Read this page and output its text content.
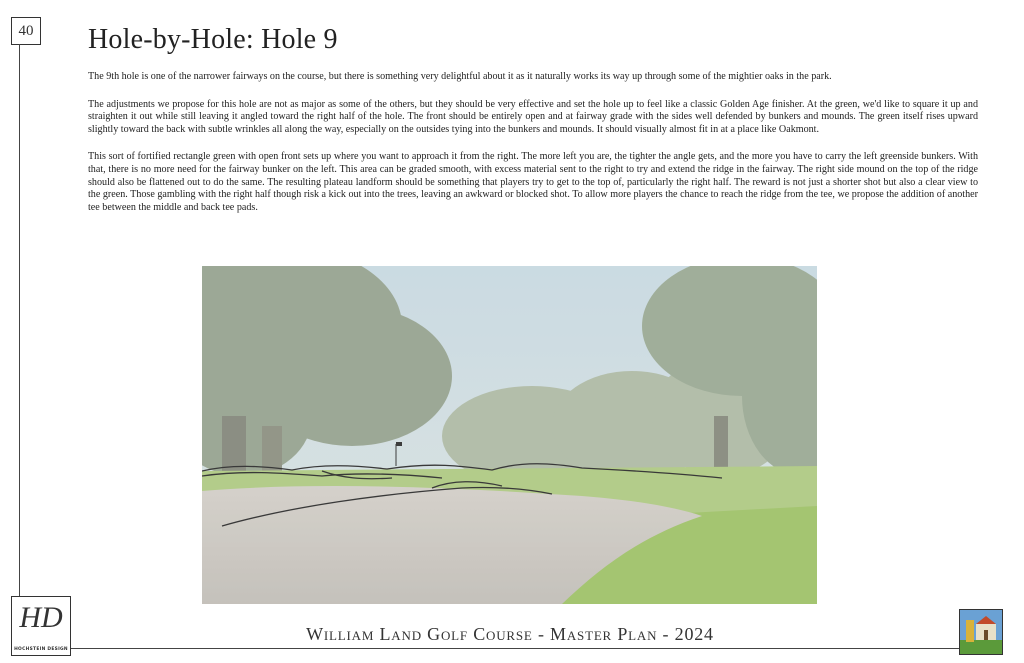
40 Hole-by-Hole: Hole 9

The 9th hole is one of the narrower fairways on the course, but there is something very delightful about it as it naturally works its way up through some of the mightier oaks in the park.

The adjustments we propose for this hole are not as major as some of the others, but they should be very effective and set the hole up to feel like a classic Golden Age finisher. At the green, we'd like to square it up and straighten it out while still leaving it angled toward the right half of the hole. The front should be entirely open and at fairway grade with the sides well defended by bunkers and mounds. The green itself rises upward slightly toward the back with subtle wrinkles all along the way, especially on the outsides tying into the bunkers and mounds. It should visually almost fit in at a place like Oakmont.

This sort of fortified rectangle green with open front sets up where you want to approach it from the right. The more left you are, the tighter the angle gets, and the more you have to carry the left greenside bunkers. With that, there is no more need for the fairway bunker on the left. This area can be graded smooth, with excess material sent to the right to try and extend the ridge in the fairway. The right side mound on the top of the ridge should also be flattened out to do the same. The resulting plateau landform should be something that players try to get to the top of, particularly the right half. The reward is not just a shorter shot but also a clear view to the green. Those gambling with the right half though risk a kick out into the trees, leaving an awkward or blocked shot. To allow more players the chance to reach the ridge from the tee, we propose the addition of another tee between the middle and back tee pads.

William Land Golf Course - Master Plan - 2024
HD
HOCHSTEIN DESIGN
